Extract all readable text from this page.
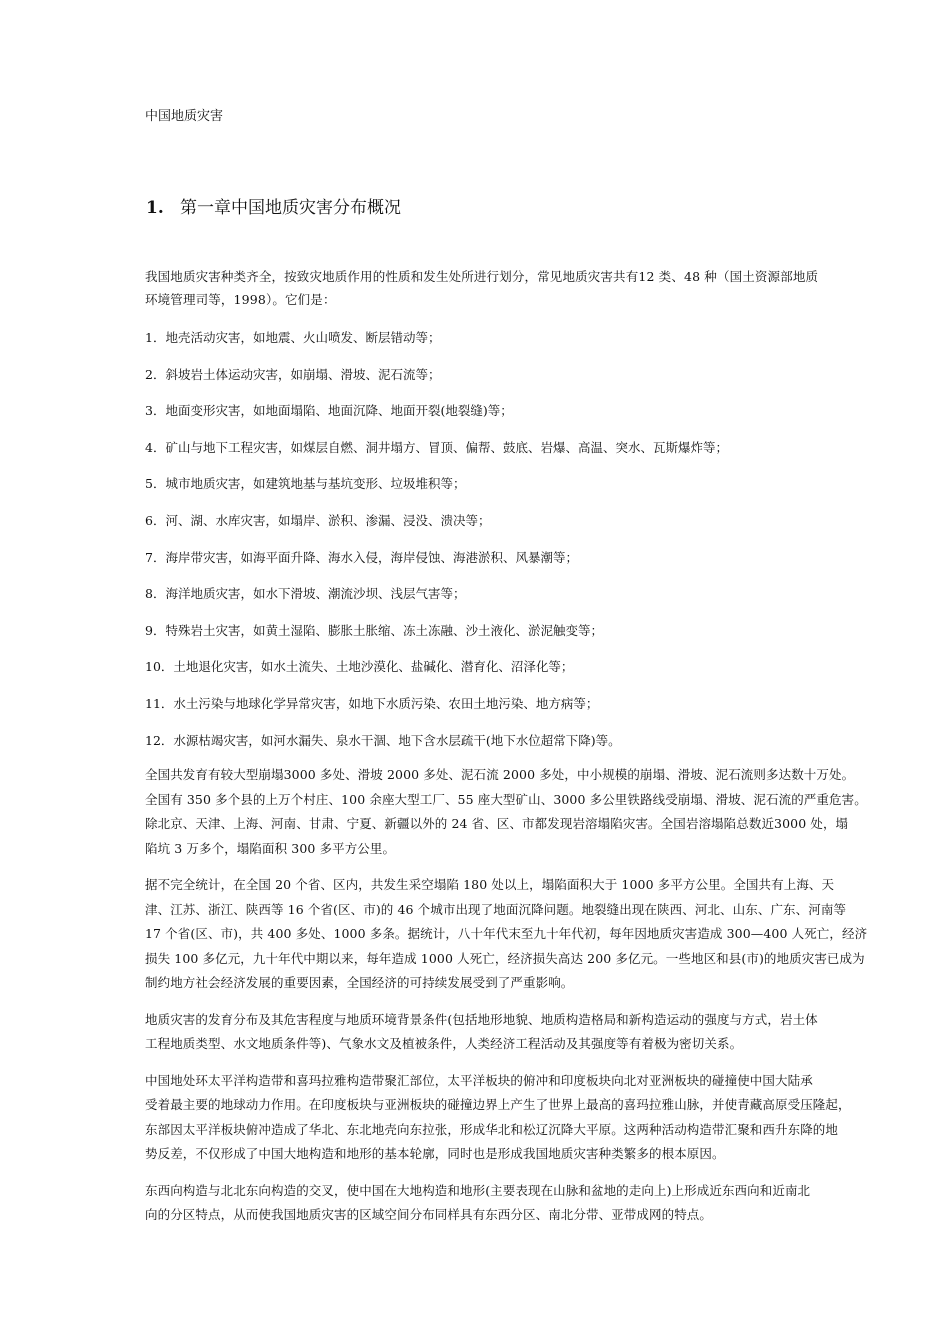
中国地质灾害
1. 第一章中国地质灾害分布概况

我国地质灾害种类齐全，按致灾地质作用的性质和发生处所进行划分，常见地质灾害共有12 类、48 种（国土资源部地质
环境管理司等，1998）。它们是：

1．地壳活动灾害，如地震、火山喷发、断层错动等；
2．斜坡岩土体运动灾害，如崩塌、滑坡、泥石流等；
3．地面变形灾害，如地面塌陷、地面沉降、地面开裂(地裂缝)等；
4．矿山与地下工程灾害，如煤层自燃、洞井塌方、冒顶、偏帮、鼓底、岩爆、高温、突水、瓦斯爆炸等；
5．城市地质灾害，如建筑地基与基坑变形、垃圾堆积等；
6．河、湖、水库灾害，如塌岸、淤积、渗漏、浸没、溃决等；
7．海岸带灾害，如海平面升降、海水入侵，海岸侵蚀、海港淤积、风暴潮等；
8．海洋地质灾害，如水下滑坡、潮流沙坝、浅层气害等；
9．特殊岩土灾害，如黄土湿陷、膨胀土胀缩、冻土冻融、沙土液化、淤泥触变等；
10．土地退化灾害，如水土流失、土地沙漠化、盐碱化、潜育化、沼泽化等；
11．水土污染与地球化学异常灾害，如地下水质污染、农田土地污染、地方病等；
12．水源枯竭灾害，如河水漏失、泉水干涸、地下含水层疏干(地下水位超常下降)等。

全国共发育有较大型崩塌3000 多处、滑坡 2000 多处、泥石流 2000 多处，中小规模的崩塌、滑坡、泥石流则多达数十万处。
全国有 350 多个县的上万个村庄、100 余座大型工厂、55 座大型矿山、3000 多公里铁路线受崩塌、滑坡、泥石流的严重危害。
除北京、天津、上海、河南、甘肃、宁夏、新疆以外的 24 省、区、市都发现岩溶塌陷灾害。全国岩溶塌陷总数近3000 处，塌
陷坑 3 万多个，塌陷面积 300 多平方公里。

据不完全统计，在全国 20 个省、区内，共发生采空塌陷 180 处以上，塌陷面积大于 1000 多平方公里。全国共有上海、天
津、江苏、浙江、陕西等 16 个省(区、市)的 46 个城市出现了地面沉降问题。地裂缝出现在陕西、河北、山东、广东、河南等
17 个省(区、市)，共 400 多处、1000 多条。据统计，八十年代末至九十年代初，每年因地质灾害造成 300—400 人死亡，经济
损失 100 多亿元，九十年代中期以来，每年造成 1000 人死亡，经济损失高达 200 多亿元。一些地区和县(市)的地质灾害已成为
制约地方社会经济发展的重要因素，全国经济的可持续发展受到了严重影响。

地质灾害的发育分布及其危害程度与地质环境背景条件(包括地形地貌、地质构造格局和新构造运动的强度与方式，岩土体
工程地质类型、水文地质条件等)、气象水文及植被条件，人类经济工程活动及其强度等有着极为密切关系。

中国地处环太平洋构造带和喜玛拉雅构造带聚汇部位，太平洋板块的俯冲和印度板块向北对亚洲板块的碰撞使中国大陆承
受着最主要的地球动力作用。在印度板块与亚洲板块的碰撞边界上产生了世界上最高的喜玛拉雅山脉，并使青藏高原受压隆起，
东部因太平洋板块俯冲造成了华北、东北地壳向东拉张，形成华北和松辽沉降大平原。这两种活动构造带汇聚和西升东降的地
势反差，不仅形成了中国大地构造和地形的基本轮廓，同时也是形成我国地质灾害种类繁多的根本原因。

东西向构造与北北东向构造的交叉，使中国在大地构造和地形(主要表现在山脉和盆地的走向上)上形成近东西向和近南北
向的分区特点，从而使我国地质灾害的区域空间分布同样具有东西分区、南北分带、亚带成网的特点。
